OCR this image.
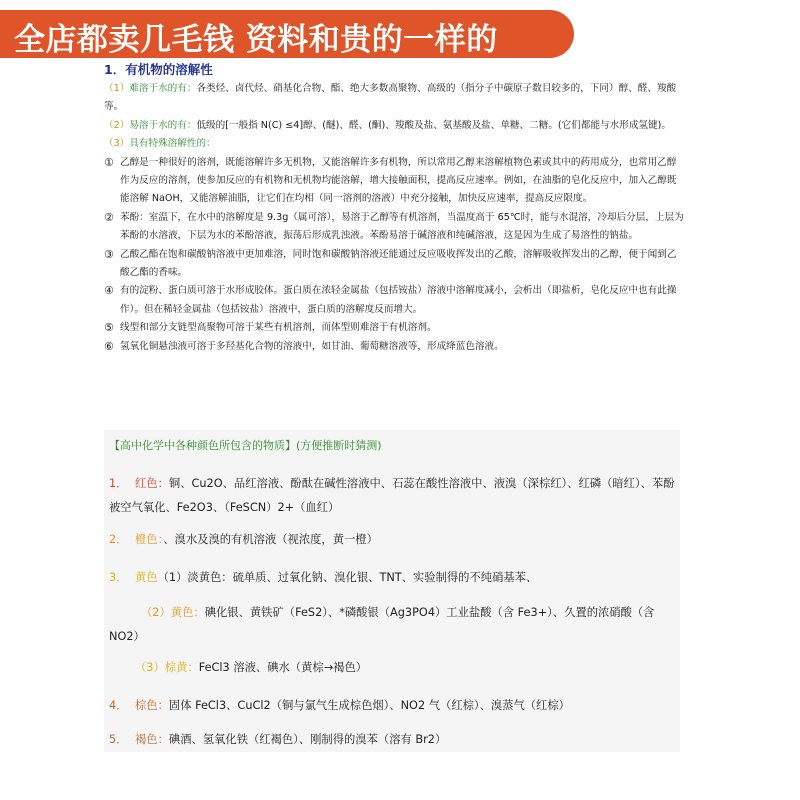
全店都卖几毛钱 资料和贵的一样的
1．有机物的溶解性

（1）难溶于水的有：各类烃、卤代烃、硝基化合物、酯、绝大多数高聚物、高级的（指分子中碳原子数目较多的，下同）醇、醛、羧酸等。

（2）易溶于水的有：低级的[一般指 N(C) ≤4]醇、(醚)、醛、(酮)、羧酸及盐、氨基酸及盐、单糖、二糖。(它们都能与水形成氢键)。

（3）具有特殊溶解性的：

① 乙醇是一种很好的溶剂，既能溶解许多无机物，又能溶解许多有机物，所以常用乙醇来溶解植物色素或其中的药用成分，也常用乙醇作为反应的溶剂，使参加反应的有机物和无机物均能溶解，增大接触面积，提高反应速率。例如，在油脂的皂化反应中，加入乙醇既能溶解 NaOH，又能溶解油脂，让它们在均相（同一溶剂的溶液）中充分接触，加快反应速率，提高反应限度。
② 苯酚：室温下，在水中的溶解度是 9.3g（属可溶），易溶于乙醇等有机溶剂，当温度高于 65℃时，能与水混溶，冷却后分层，上层为苯酚的水溶液，下层为水的苯酚溶液，振荡后形成乳浊液。苯酚易溶于碱溶液和纯碱溶液，这是因为生成了易溶性的钠盐。
③ 乙酸乙酯在饱和碳酸钠溶液中更加难溶，同时饱和碳酸钠溶液还能通过反应吸收挥发出的乙酸，溶解吸收挥发出的乙醇，便于闻到乙酸乙酯的香味。
④ 有的淀粉、蛋白质可溶于水形成胶体。蛋白质在浓轻金属盐（包括铵盐）溶液中溶解度减小，会析出（即盐析，皂化反应中也有此操作）。但在稀轻金属盐（包括铵盐）溶液中，蛋白质的溶解度反而增大。
⑤ 线型和部分支链型高聚物可溶于某些有机溶剂，而体型则难溶于有机溶剂。
⑥ 氢氧化铜悬浊液可溶于多羟基化合物的溶液中，如甘油、葡萄糖溶液等，形成绛蓝色溶液。
【高中化学中各种颜色所包含的物质】(方便推断时猜测)
1． 红色：铜、Cu2O、品红溶液、酚酞在碱性溶液中、石蕊在酸性溶液中、液溴（深棕红）、红磷（暗红）、苯酚被空气氧化、Fe2O3、（FeSCN）2+（血红）
2． 橙色：、溴水及溴的有机溶液（视浓度，黄一橙）
3． 黄色（1）淡黄色：硫单质、过氧化钠、溴化银、TNT、实验制得的不纯硝基苯、
（2）黄色：碘化银、黄铁矿（FeS2）、*磷酸银（Ag3PO4）工业盐酸（含 Fe3+）、久置的浓硝酸（含 NO2）
（3）棕黄：FeCl3 溶液、碘水（黄棕→褐色）
4． 棕色：固体 FeCl3、CuCl2（铜与氯气生成棕色烟）、NO2 气（红棕）、溴蒸气（红棕）
5． 褐色：碘酒、氢氧化铁（红褐色）、刚制得的溴苯（溶有 Br2）
